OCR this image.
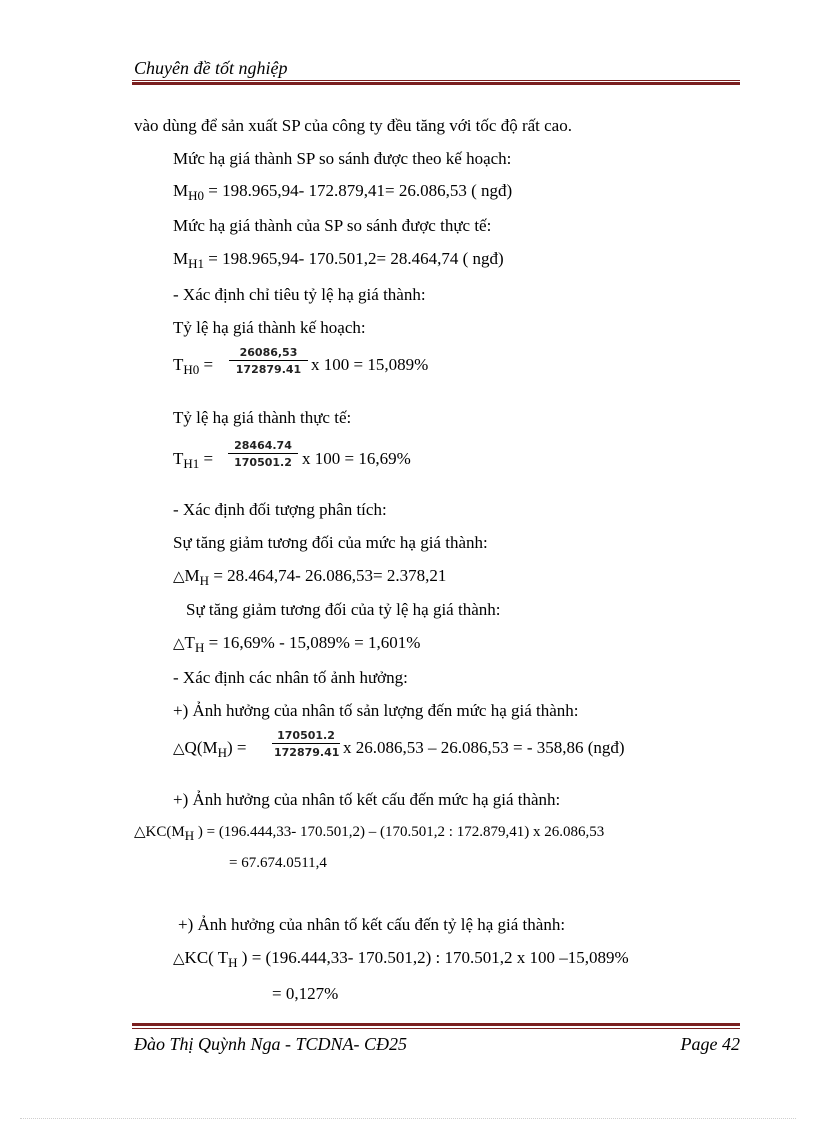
Chuyên đề tốt nghiệp
vào dùng để sản xuất SP của công ty đều tăng với tốc độ rất cao.
Mức hạ giá thành SP so sánh được theo kế hoạch:
$M_{H0} = 198.965,94-$ 172.879,41= 26.086,53 ( ngđ)
Mức hạ giá thành của SP so sánh được thực tế:
$M_{H1} = 198.965,94-$ 170.501,2= 28.464,74 ( ngđ)
- Xác định chỉ tiêu tỷ lệ hạ giá thành:
Tỷ lệ hạ giá thành kế hoạch:
$T_{H0}$ =
26086,53
172879.41 x 100 = 15,089%
Tỷ lệ hạ giá thành thực tế:
$T_{H1}$ =
28464.74
170501.2 x 100 = 16,69%
- Xác định đối tượng phân tích:
Sự tăng giảm tương đối của mức hạ giá thành:
$\triangle M_H = 28.464,74-$ 26.086,53= 2.378,21
Sự tăng giảm tương đối của tỷ lệ hạ giá thành:
$\triangle T_H = 16,69\% - 15,089\% = 1,601\%$
- Xác định các nhân tố ảnh hưởng:
+) Ảnh hưởng của nhân tố sản lượng đến mức hạ giá thành:
$\triangle Q(M_H)$ =
170501.2
172879.41 x 26.086,53 – 26.086,53 = - 358,86 (ngđ)
+) Ảnh hưởng của nhân tố kết cấu đến mức hạ giá thành:
$\triangle KC(M_H$ ) = (196.444,33- 170.501,2) – (170.501,2 : 172.879,41) x 26.086,53
= 67.674.0511,4
+) Ảnh hưởng của nhân tố kết cấu đến tỷ lệ hạ giá thành:
△KC( $T_H$ ) = (196.444,33- 170.501,2) : 170.501,2 x 100 –15,089%
= 0,127%
Đào Thị Quỳnh Nga - TCDNA- CĐ25	Page 42
